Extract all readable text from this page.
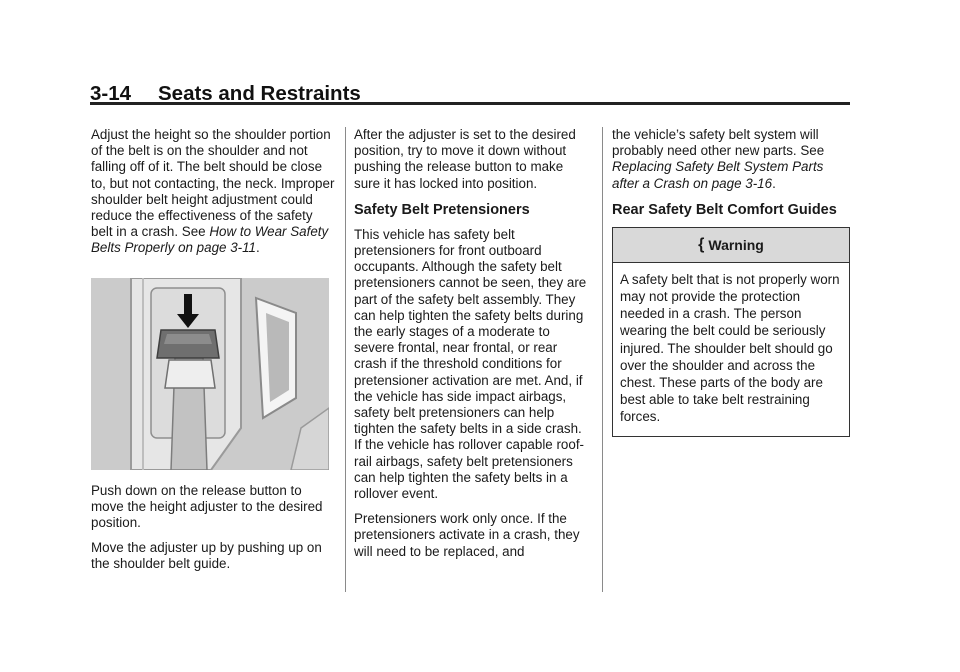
3-14 Seats and Restraints

Adjust the height so the shoulder portion of the belt is on the shoulder and not falling off of it. The belt should be close to, but not contacting, the neck. Improper shoulder belt height adjustment could reduce the effectiveness of the safety belt in a crash. See How to Wear Safety Belts Properly on page 3-11.

Push down on the release button to move the height adjuster to the desired position.

Move the adjuster up by pushing up on the shoulder belt guide.

After the adjuster is set to the desired position, try to move it down without pushing the release button to make sure it has locked into position.

Safety Belt Pretensioners

This vehicle has safety belt pretensioners for front outboard occupants. Although the safety belt pretensioners cannot be seen, they are part of the safety belt assembly. They can help tighten the safety belts during the early stages of a moderate to severe frontal, near frontal, or rear crash if the threshold conditions for pretensioner activation are met. And, if the vehicle has side impact airbags, safety belt pretensioners can help tighten the safety belts in a side crash. If the vehicle has rollover capable roof-rail airbags, safety belt pretensioners can help tighten the safety belts in a rollover event.

Pretensioners work only once. If the pretensioners activate in a crash, they will need to be replaced, and

the vehicle’s safety belt system will probably need other new parts. See Replacing Safety Belt System Parts after a Crash on page 3-16.

Rear Safety Belt Comfort Guides
{ Warning
A safety belt that is not properly worn may not provide the protection needed in a crash. The person wearing the belt could be seriously injured. The shoulder belt should go over the shoulder and across the chest. These parts of the body are best able to take belt restraining forces.
